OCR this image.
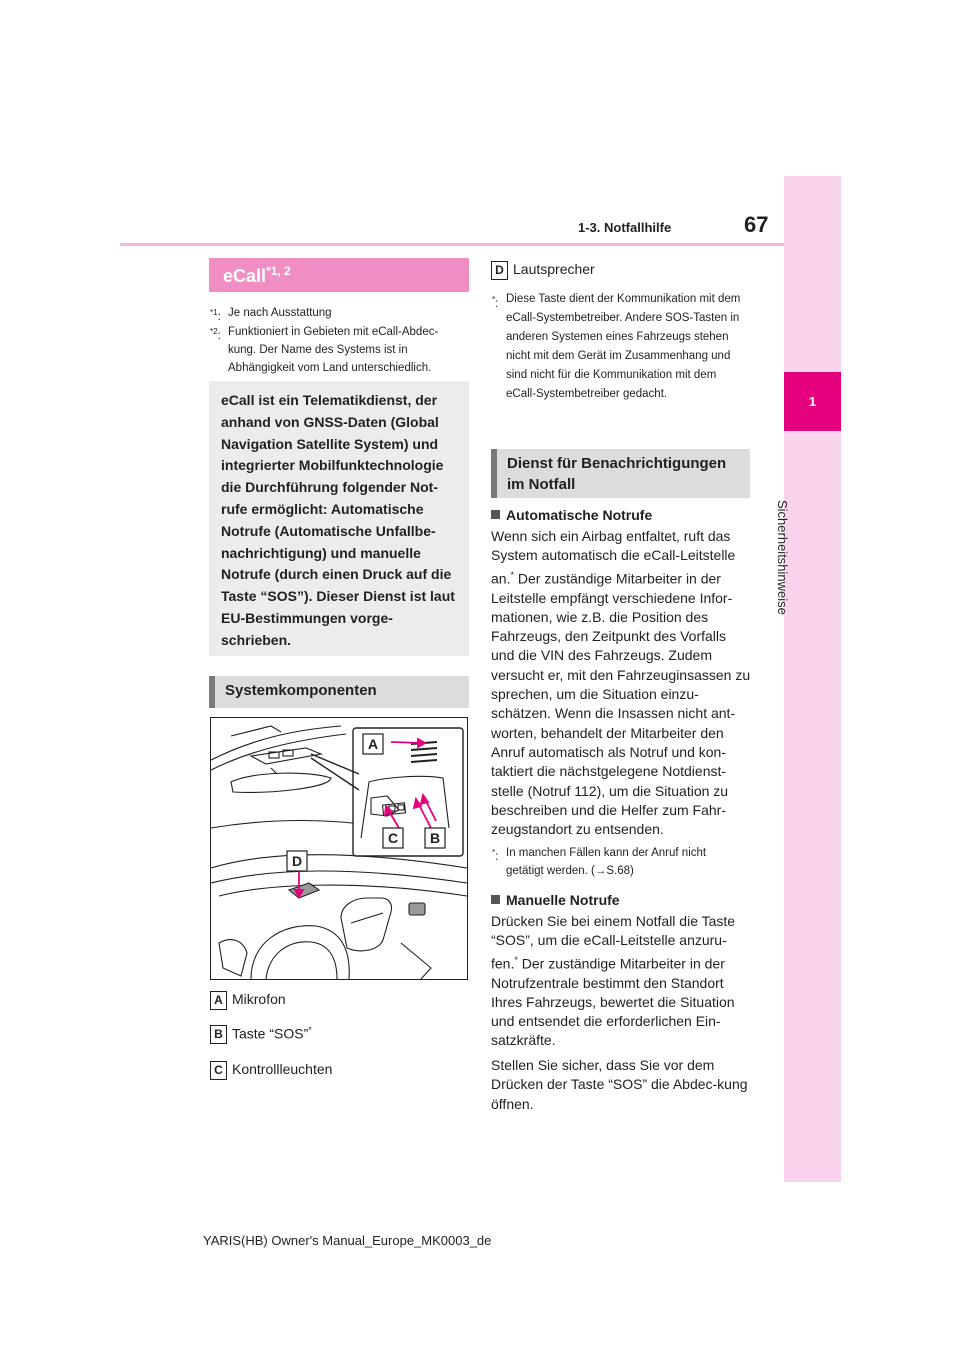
1-3. Notfallhilfe	67
1
Sicherheitshinweise
eCall$^{*1, 2}$
$^{*1}$: Je nach Ausstattung
$^{*2}$: Funktioniert in Gebieten mit eCall-Abdec-kung. Der Name des Systems ist in Abhängigkeit vom Land unterschiedlich.

eCall ist ein Telematikdienst, der anhand von GNSS-Daten (Global Navigation Satellite System) und integrierter Mobilfunktechnologie die Durchführung folgender Not-rufe ermöglicht: Automatische Notrufe (Automatische Unfallbe-nachrichtigung) und manuelle Notrufe (durch einen Druck auf die Taste “SOS”). Dieser Dienst ist laut EU-Bestimmungen vorge-schrieben.

Systemkomponenten
A
C B
D
A Mikrofon
B Taste “SOS”*
C Kontrollleuchten
D Lautsprecher
*: Diese Taste dient der Kommunikation mit dem eCall-Systembetreiber. Andere SOS-Tasten in anderen Systemen eines Fahrzeugs stehen nicht mit dem Gerät im Zusammenhang und sind nicht für die Kommunikation mit dem eCall-Systembetreiber gedacht.
Dienst für Benachrichtigungen im Notfall
Automatische Notrufe
Wenn sich ein Airbag entfaltet, ruft das System automatisch die eCall-Leitstelle an.* Der zuständige Mitarbeiter in der Leitstelle empfängt verschiedene Infor-mationen, wie z.B. die Position des Fahrzeugs, den Zeitpunkt des Vorfalls und die VIN des Fahrzeugs. Zudem versucht er, mit den Fahrzeuginsassen zu sprechen, um die Situation einzu-schätzen. Wenn die Insassen nicht ant-worten, behandelt der Mitarbeiter den Anruf automatisch als Notruf und kon-taktiert die nächstgelegene Notdienst-stelle (Notruf 112), um die Situation zu beschreiben und die Helfer zum Fahr-zeugstandort zu entsenden.
*: In manchen Fällen kann der Anruf nicht getätigt werden. (→S.68)
Manuelle Notrufe
Drücken Sie bei einem Notfall die Taste “SOS”, um die eCall-Leitstelle anzuru-fen.* Der zuständige Mitarbeiter in der Notrufzentrale bestimmt den Standort Ihres Fahrzeugs, bewertet die Situation und entsendet die erforderlichen Ein-satzkräfte.
Stellen Sie sicher, dass Sie vor dem Drücken der Taste “SOS” die Abdec-kung öffnen.
YARIS(HB) Owner's Manual_Europe_MK0003_de
